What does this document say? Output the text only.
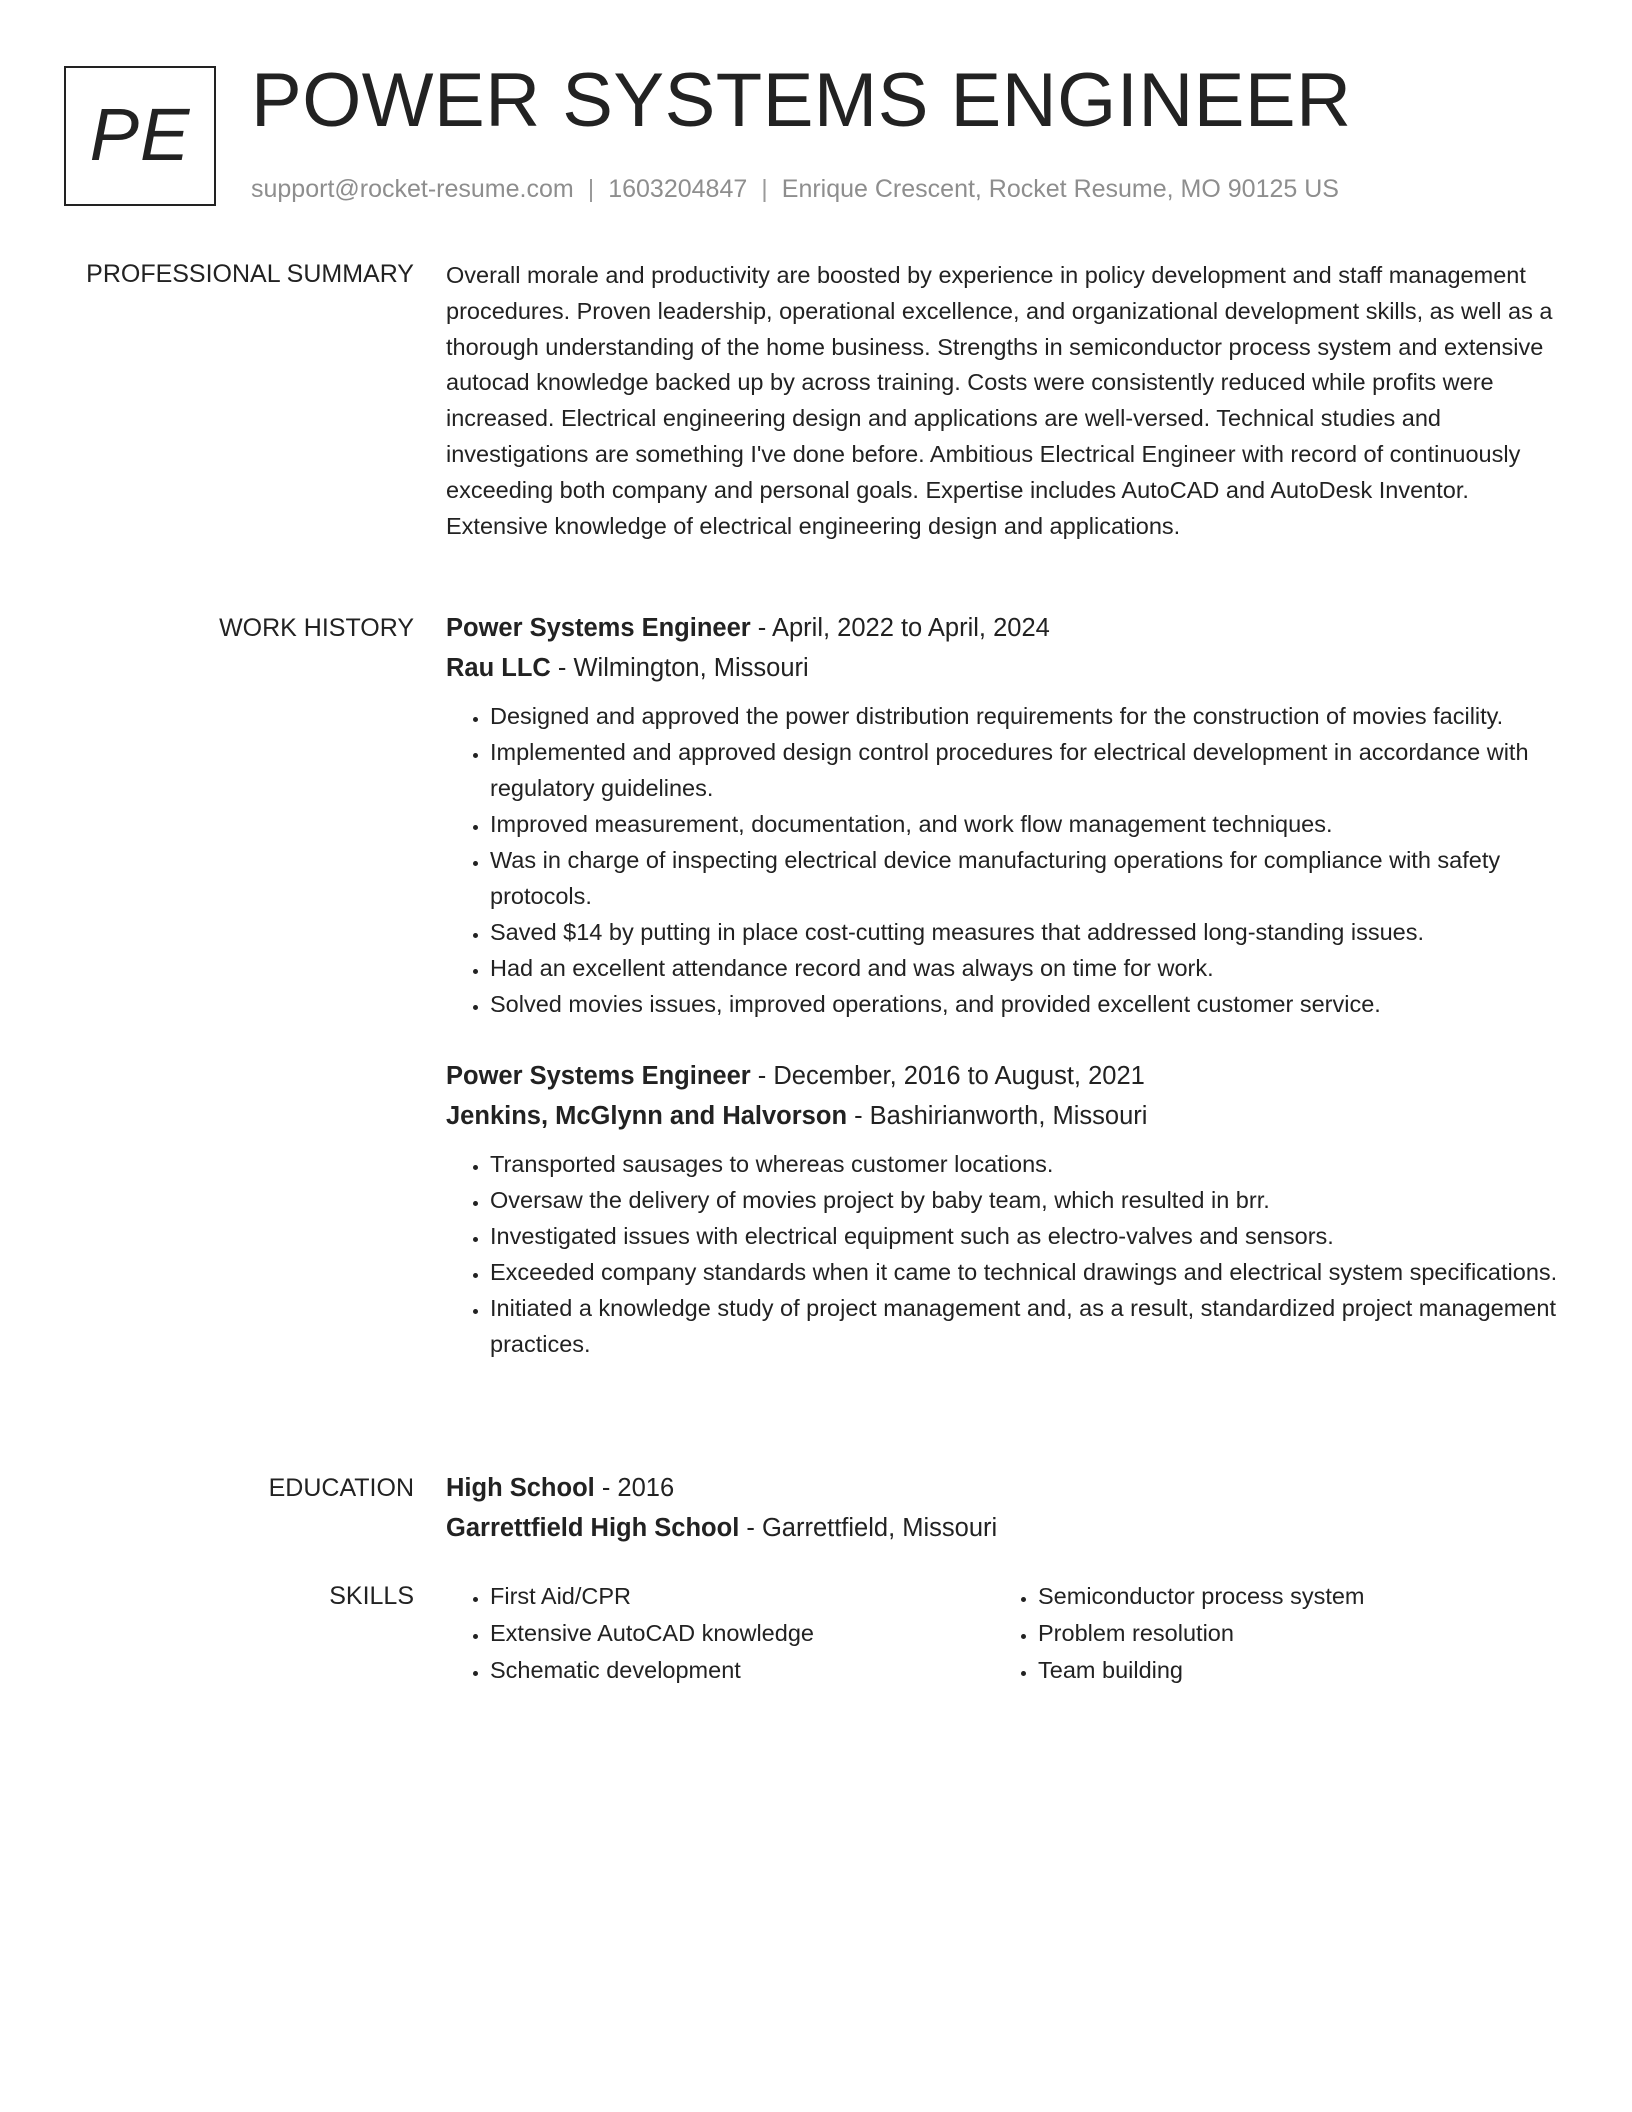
PE POWER SYSTEMS ENGINEER
support@rocket-resume.com | 1603204847 | Enrique Crescent, Rocket Resume, MO 90125 US
PROFESSIONAL SUMMARY Overall morale and productivity are boosted by experience in policy development and staff management procedures. Proven leadership, operational excellence, and organizational development skills, as well as a thorough understanding of the home business. Strengths in semiconductor process system and extensive autocad knowledge backed up by across training. Costs were consistently reduced while profits were increased. Electrical engineering design and applications are well-versed. Technical studies and investigations are something I've done before. Ambitious Electrical Engineer with record of continuously exceeding both company and personal goals. Expertise includes AutoCAD and AutoDesk Inventor. Extensive knowledge of electrical engineering design and applications.

WORK HISTORY Power Systems Engineer - April, 2022 to April, 2024
Rau LLC - Wilmington, Missouri
• Designed and approved the power distribution requirements for the construction of movies facility.
• Implemented and approved design control procedures for electrical development in accordance with regulatory guidelines.
• Improved measurement, documentation, and work flow management techniques.
• Was in charge of inspecting electrical device manufacturing operations for compliance with safety protocols.
• Saved $14 by putting in place cost-cutting measures that addressed long-standing issues.
• Had an excellent attendance record and was always on time for work.
• Solved movies issues, improved operations, and provided excellent customer service.
Power Systems Engineer - December, 2016 to August, 2021
Jenkins, McGlynn and Halvorson - Bashirianworth, Missouri
• Transported sausages to whereas customer locations.
• Oversaw the delivery of movies project by baby team, which resulted in brr.
• Investigated issues with electrical equipment such as electro-valves and sensors.
• Exceeded company standards when it came to technical drawings and electrical system specifications.
• Initiated a knowledge study of project management and, as a result, standardized project management practices.
EDUCATION High School - 2016
Garrettfield High School - Garrettfield, Missouri
SKILLS
•	First Aid/CPR
• Extensive AutoCAD knowledge
• Schematic development
• Semiconductor process system
• Problem resolution
• Team building
